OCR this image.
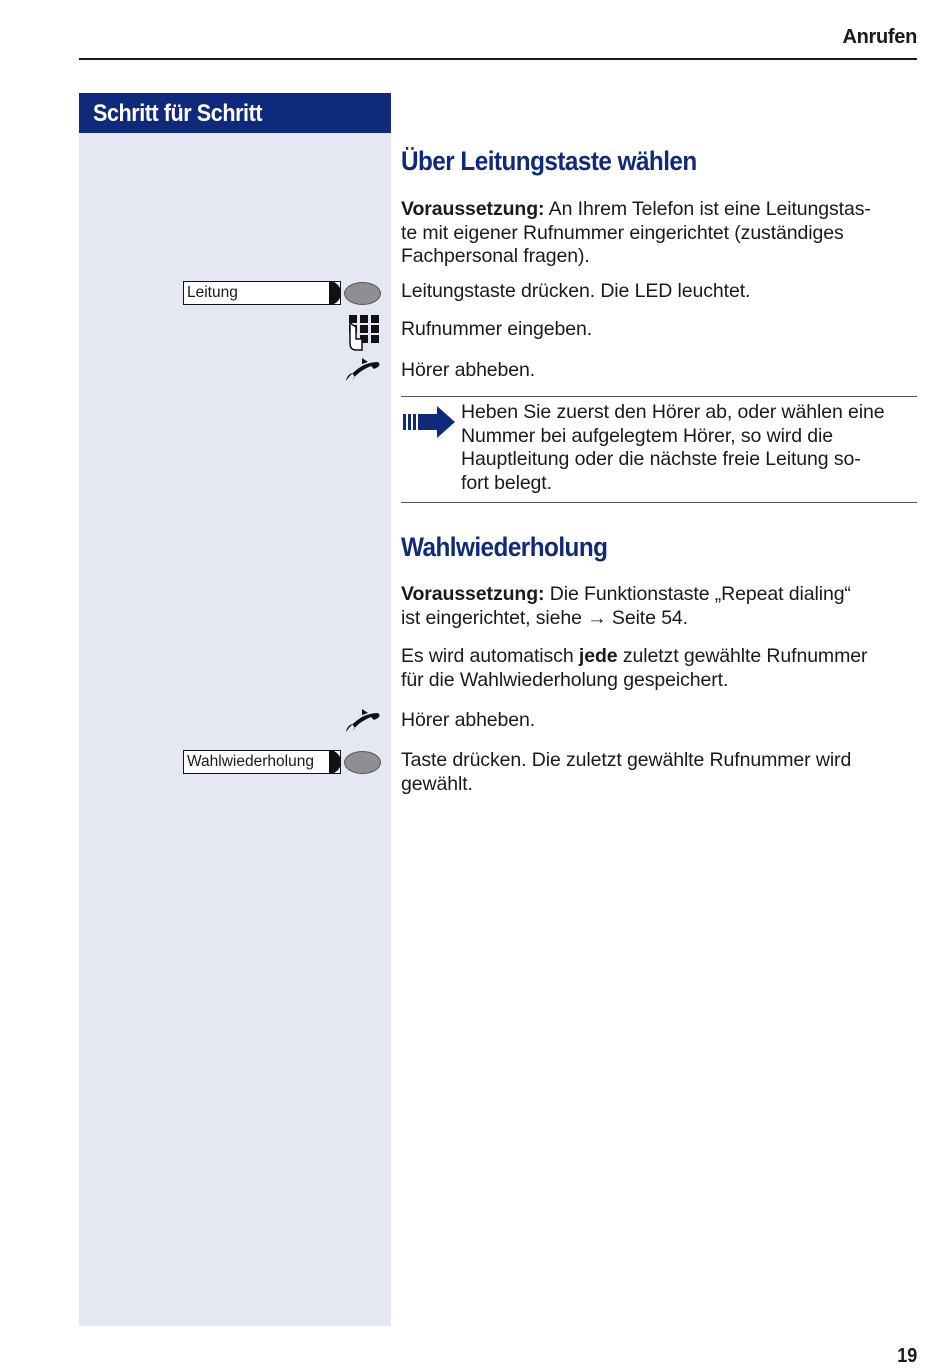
Anrufen
Schritt für Schritt
Über Leitungstaste wählen
Voraussetzung: An Ihrem Telefon ist eine Leitungstas-
te mit eigener Rufnummer eingerichtet (zuständiges
Fachpersonal fragen).
Leitung	Leitungstaste drücken. Die LED leuchtet.
Rufnummer eingeben.
Hörer abheben.
Heben Sie zuerst den Hörer ab, oder wählen eine
Nummer bei aufgelegtem Hörer, so wird die
Hauptleitung oder die nächste freie Leitung so-
fort belegt.
Wahlwiederholung
Voraussetzung: Die Funktionstaste „Repeat dialing“
ist eingerichtet, siehe → Seite 54.
Es wird automatisch jede zuletzt gewählte Rufnummer
für die Wahlwiederholung gespeichert.
Hörer abheben.
Wahlwiederholung	Taste drücken. Die zuletzt gewählte Rufnummer wird
gewählt.
19
